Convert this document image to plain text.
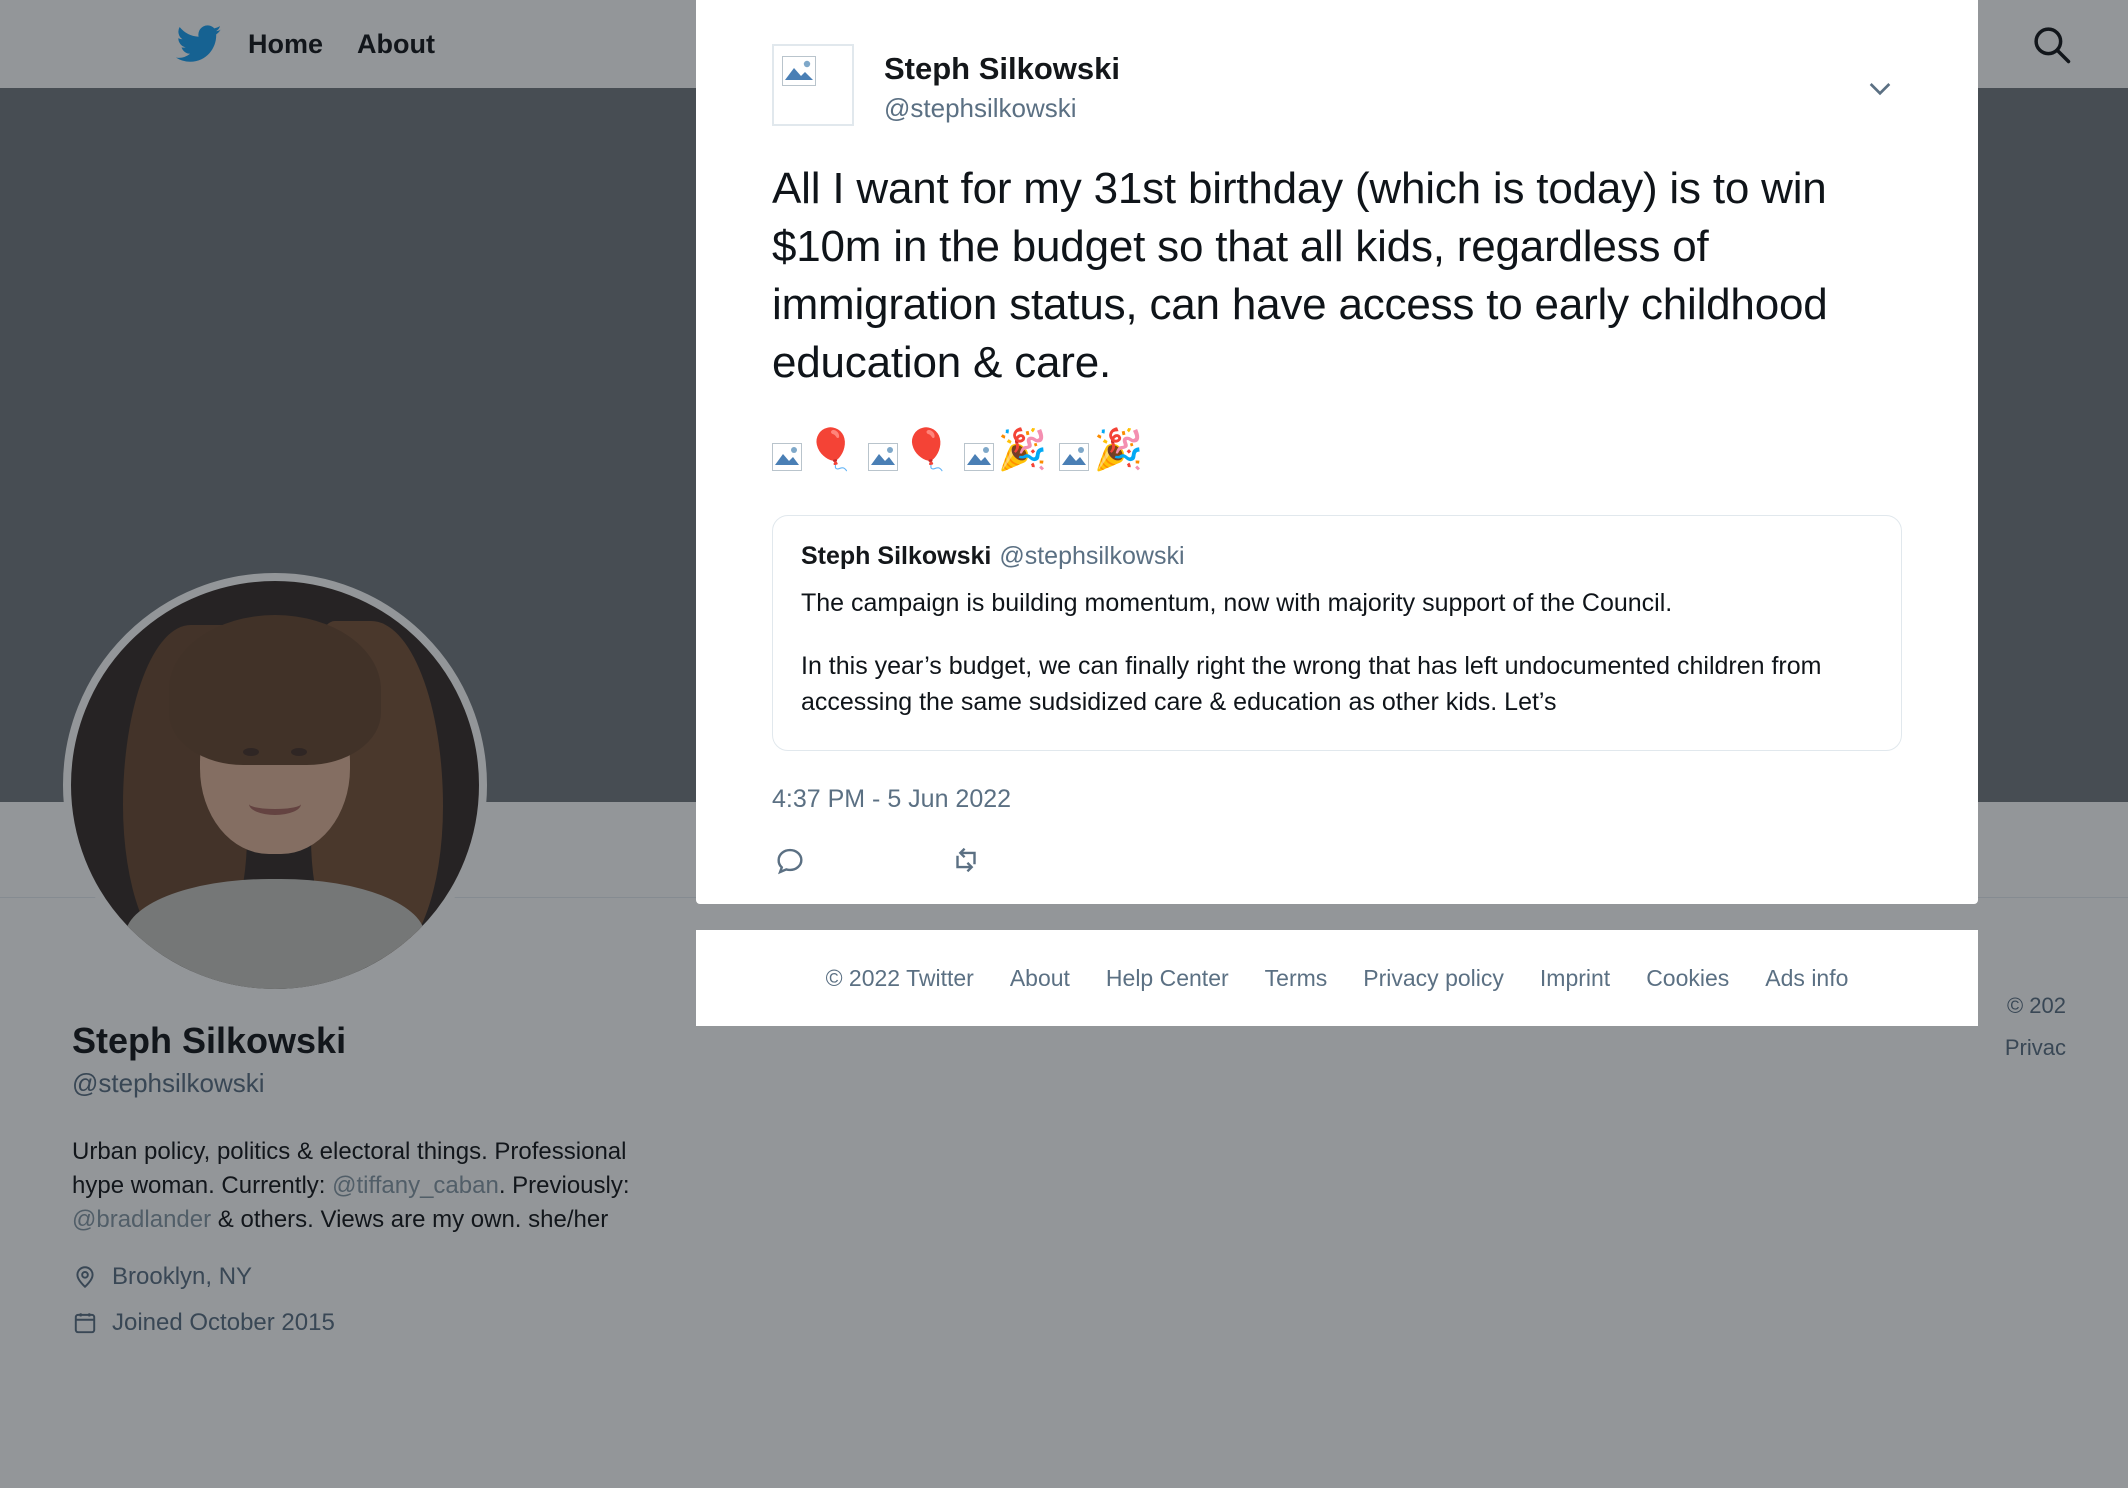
Home About
Steph Silkowski
@stephsilkowski
Urban policy, politics & electoral things. Professional hype woman. Currently: @tiffany_caban. Previously: @bradlander & others. Views are my own. she/her
Brooklyn, NY
Joined October 2015
© 202
Privac
Steph Silkowski
@stephsilkowski
All I want for my 31st birthday (which is today) is to win $10m in the budget so that all kids, regardless of immigration status, can have access to early childhood education & care.
🎈 🎈 🎉 🎉
Steph Silkowski @stephsilkowski

The campaign is building momentum, now with majority support of the Council.

In this year’s budget, we can finally right the wrong that has left undocumented children from accessing the same sudsidized care & education as other kids. Let’s

4:37 PM - 5 Jun 2022
© 2022 Twitter About Help Center Terms Privacy policy Imprint Cookies Ads info
